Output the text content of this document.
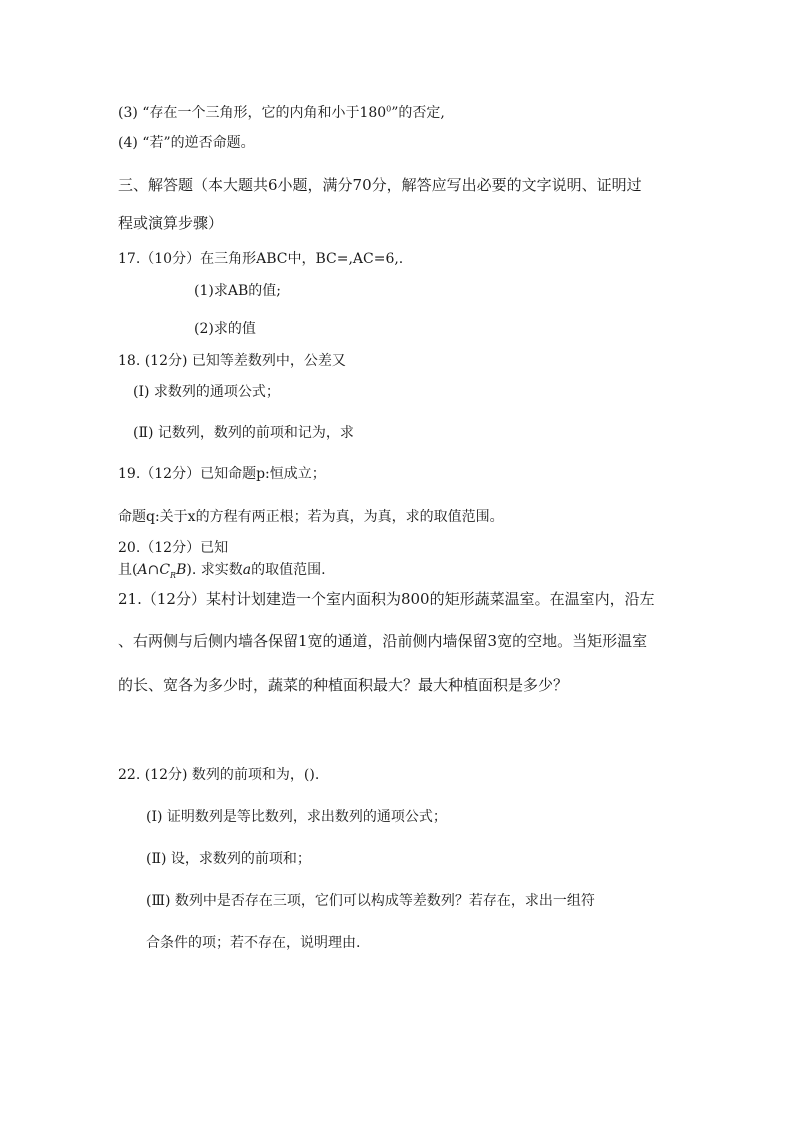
(3) “存在一个三角形，它的内角和小于$180^0$”的否定,
(4) “若”的逆否命题。
三、解答题（本大题共6小题，满分70分，解答应写出必要的文字说明、证明过
程或演算步骤）
17.（10分）在三角形ABC中，BC=,AC=6,.
(1)求AB的值;
(2)求的值
18. (12分) 已知等差数列中，公差又
(Ⅰ) 求数列的通项公式；
(Ⅱ) 记数列，数列的前项和记为，求
19.（12分）已知命题p:恒成立；
命题q:关于x的方程有两正根；若为真，为真，求的取值范围。
20.（12分）已知
且$(A\cap C_RB)$. 求实数a的取值范围.
21.（12分）某村计划建造一个室内面积为800的矩形蔬菜温室。在温室内，沿左
、右两侧与后侧内墙各保留1宽的通道，沿前侧内墙保留3宽的空地。当矩形温室
的长、宽各为多少时，蔬菜的种植面积最大？最大种植面积是多少？
22. (12分) 数列的前项和为，().
(Ⅰ) 证明数列是等比数列，求出数列的通项公式；
(Ⅱ) 设，求数列的前项和；
(Ⅲ) 数列中是否存在三项，它们可以构成等差数列？若存在，求出一组符
合条件的项；若不存在，说明理由.
